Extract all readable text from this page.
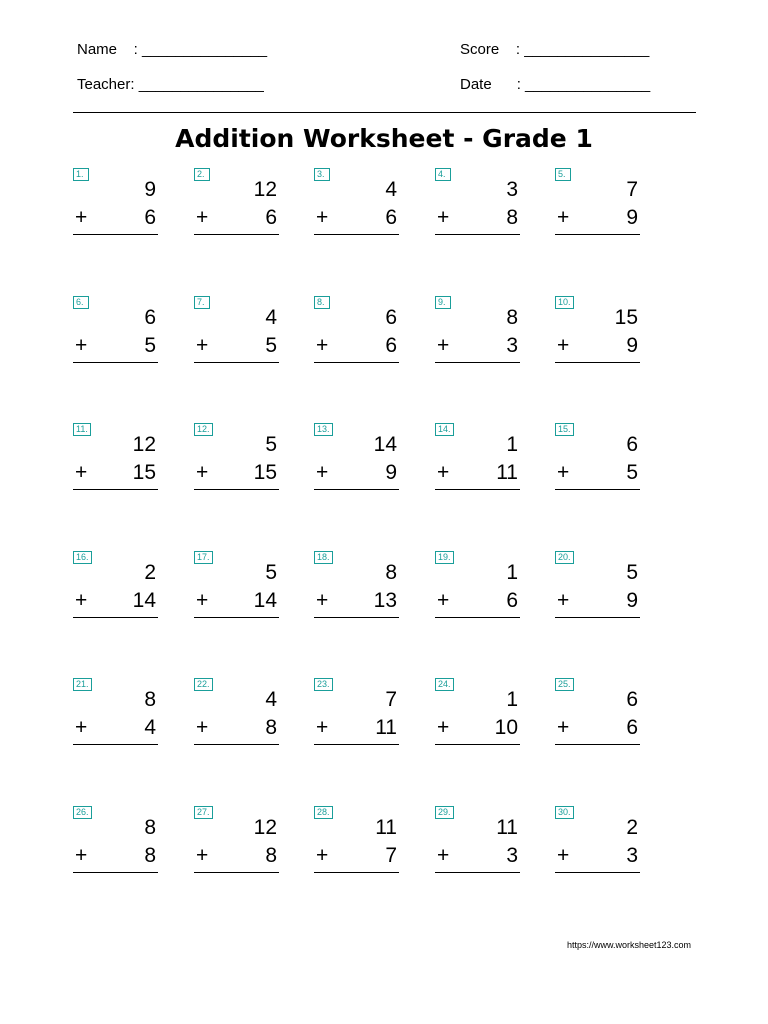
Name    : _______________	Score    : _______________
Teacher: _______________	Date      : _______________
Addition Worksheet - Grade 1
1.
9
+	6
2.
12
+	6
3.
4
+	6
4.
3
+	8
5.
7
+	9
6.
6
+	5
7.
4
+	5
8.
6
+	6
9.
8
+	3
10.
15
+	9
11.
12
+ 15
12.
5
+ 15
13.
14
+	9
14.
1
+ 11
15.
6
+	5
16.
2
+ 14
17.
5
+ 14
18.
8
+ 13
19.
1
+	6
20.
5
+	9
21.
8
+	4
22.
4
+	8
23.
7
+ 11
24.
1
+ 10
25.
6
+	6
26.
8
+	8
27.
12
+	8
28.
11
+	7
29.
11
+	3
30.
2
+	3
https://www.worksheet123.com
